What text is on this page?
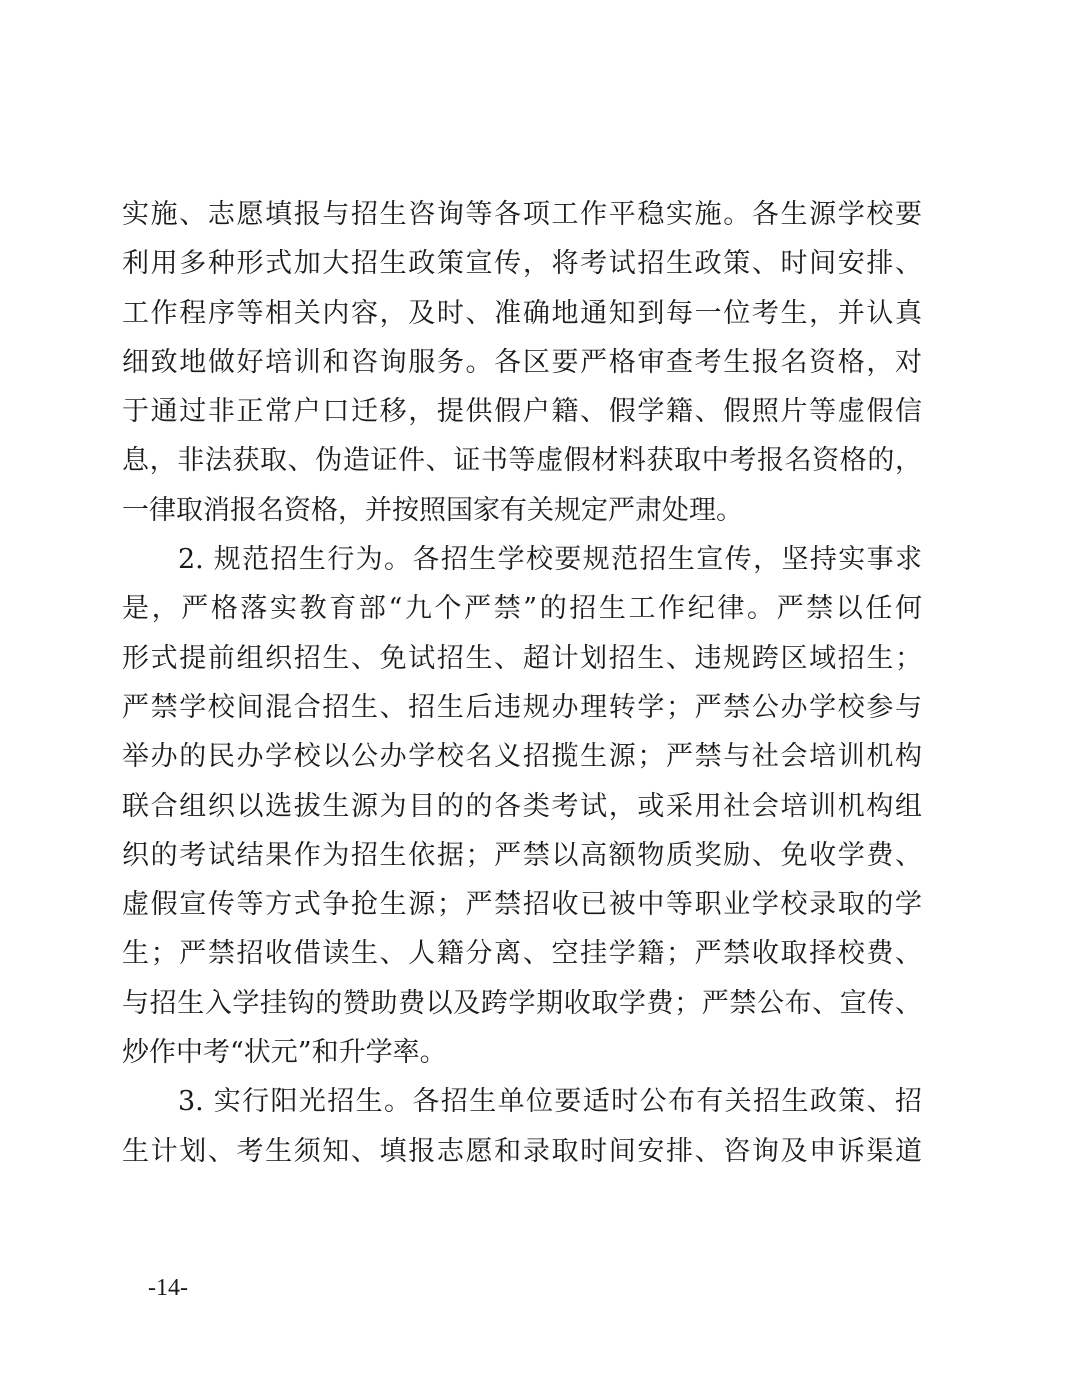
实施、志愿填报与招生咨询等各项工作平稳实施。各生源学校要
利用多种形式加大招生政策宣传，将考试招生政策、时间安排、
工作程序等相关内容，及时、准确地通知到每一位考生，并认真
细致地做好培训和咨询服务。各区要严格审查考生报名资格，对
于通过非正常户口迁移，提供假户籍、假学籍、假照片等虚假信
息，非法获取、伪造证件、证书等虚假材料获取中考报名资格的，
一律取消报名资格，并按照国家有关规定严肃处理。
2. 规范招生行为。各招生学校要规范招生宣传，坚持实事求
是，严格落实教育部“九个严禁”的招生工作纪律。严禁以任何
形式提前组织招生、免试招生、超计划招生、违规跨区域招生；
严禁学校间混合招生、招生后违规办理转学；严禁公办学校参与
举办的民办学校以公办学校名义招揽生源；严禁与社会培训机构
联合组织以选拔生源为目的的各类考试，或采用社会培训机构组
织的考试结果作为招生依据；严禁以高额物质奖励、免收学费、
虚假宣传等方式争抢生源；严禁招收已被中等职业学校录取的学
生；严禁招收借读生、人籍分离、空挂学籍；严禁收取择校费、
与招生入学挂钩的赞助费以及跨学期收取学费；严禁公布、宣传、
炒作中考“状元”和升学率。
3. 实行阳光招生。各招生单位要适时公布有关招生政策、招
生计划、考生须知、填报志愿和录取时间安排、咨询及申诉渠道
-14-
